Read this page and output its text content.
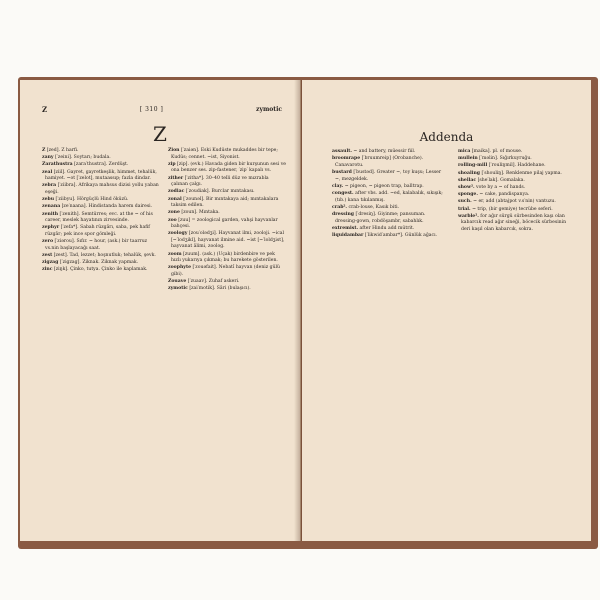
Z	[ 310 ]	zymotic
Z
Z [zed]. Z harfi.
zany [′zeini]. Soytarı; budala.
Zarathustra [zara′thustra]. Zerdüşt.
zeal [ziil]. Gayret, gayretkeşlik, himmet, tehalük, hamiyet. ~ot [′zelot], mutaassıp; fazla dindar.
zebra [′ziibra]. Afrikaya mahsus dizisi yollu yaban eşeği.
zebu [′ziibyu]. Hörgüçlü Hind öküzü.
zenana [ze′naana]. Hindistanda harem dairesi.
zenith [′zenith]. Semtürres; evc. at the ~ of his career, meslek hayatının zirvesinde.
zephyr [′zefa*]. Sabah rüzgârı, saba, pek hafif rüzgâr; pek ince spor gömleği.
zero [′ziərou]. Sıfır. ~ hour, (ask.) bir taarruz vs.nin başlayacağı saat.
zest [zest]. Tad, lezzet; hoşnutluk; tehalük, şevk.
zigzag [′zigzag]. Ziknak. Ziknak yapmak.
zinc [ziŋk]. Çinko, tutya. Çinko ile kaplamak.
Zion [′zaiən]. Eski Kudüste mukaddes bir tepe; Kudüs; cennet. ~ist, Siyonist.
zip [zip]. (evk.) Havada giden bir kurşunun sesi ve ona benzer ses. zip-fastener, ′zip′ kapalı vs.
zither [′zitha*]. 30–40 telli düz ve mızrabla çalınan çalgı.
zodiac [′zoudiak]. Burclar mıntakası.
zonal [′zounəl]. Bir mıntakaya aid; mıntakalara taksim edilen.
zone [zoun]. Mıntaka.
zoo [zuu] = zoological garden, vahşi hayvanlar bahçesi.
zoology [zou′olədʒi]. Hayvanat ilmi, zooloji. ~ical [~′lodʒikl], hayvanat ilmine aid. ~ist [~′loldʒist], hayvanat âlimi, zoolog.
zoom [zuum]. (ask.) (Uçak) birdenbire ve pek hızlı yukarıya çıkmak; bu harekete gösterilen.
zoophyte [′zouəfait]. Nebatî hayvan (deniz gülü gibi).
Zouave [′zuaav]. Zuhaf askeri.
zymotic [zai′motik]. Sâri (bulaşıcı).
Addenda
assault. ~ and battery, müessir fiil.
broomrape [′bruumreip] (Orobanche). Canavarotu.
bustard [′bustəd]. Greater ~, toy kuşu; Lesser ~, mezgeldek.
clay. ~ pigeon, ~ pigeon trap, balltrap.
congest. after vbs. add. ~ed, kalabalık, sıkışık; (tıb.) kana tıkılanmış.
crab². crab-louse, Kasık biti.
dressing [′dresiŋ]. Giyinme; pansuman. dressing-gown, robdöşambr, sabahlık.
extremist. after Hindu add mütrit.
liquidambar [′likwid′ambar*]. Günlük ağacı.
mica [maika]. pl. of mouse.
mullein [′məlin]. Sığırkuyruğu.
rolling-mill [′rouliŋmil]. Haddehane.
shoaling [′shouliŋ]. Renklenme pilaj yapma.
shellac [she′lak]. Gomalaka.
show². vote by a ~ of hands.
sponge. ~ cake, pandispanya.
such. ~ er, add (abtajpot v.s′nin) vantuzu.
trial. ~ trip, (bir gemiye) tecrübe seferi.
warble². for ağır sürgü sürbesinden kaşı olan kabarcık read ağır sineği, böcecik sürbesinin deri kaşıl olan kabarcık, sokra.
